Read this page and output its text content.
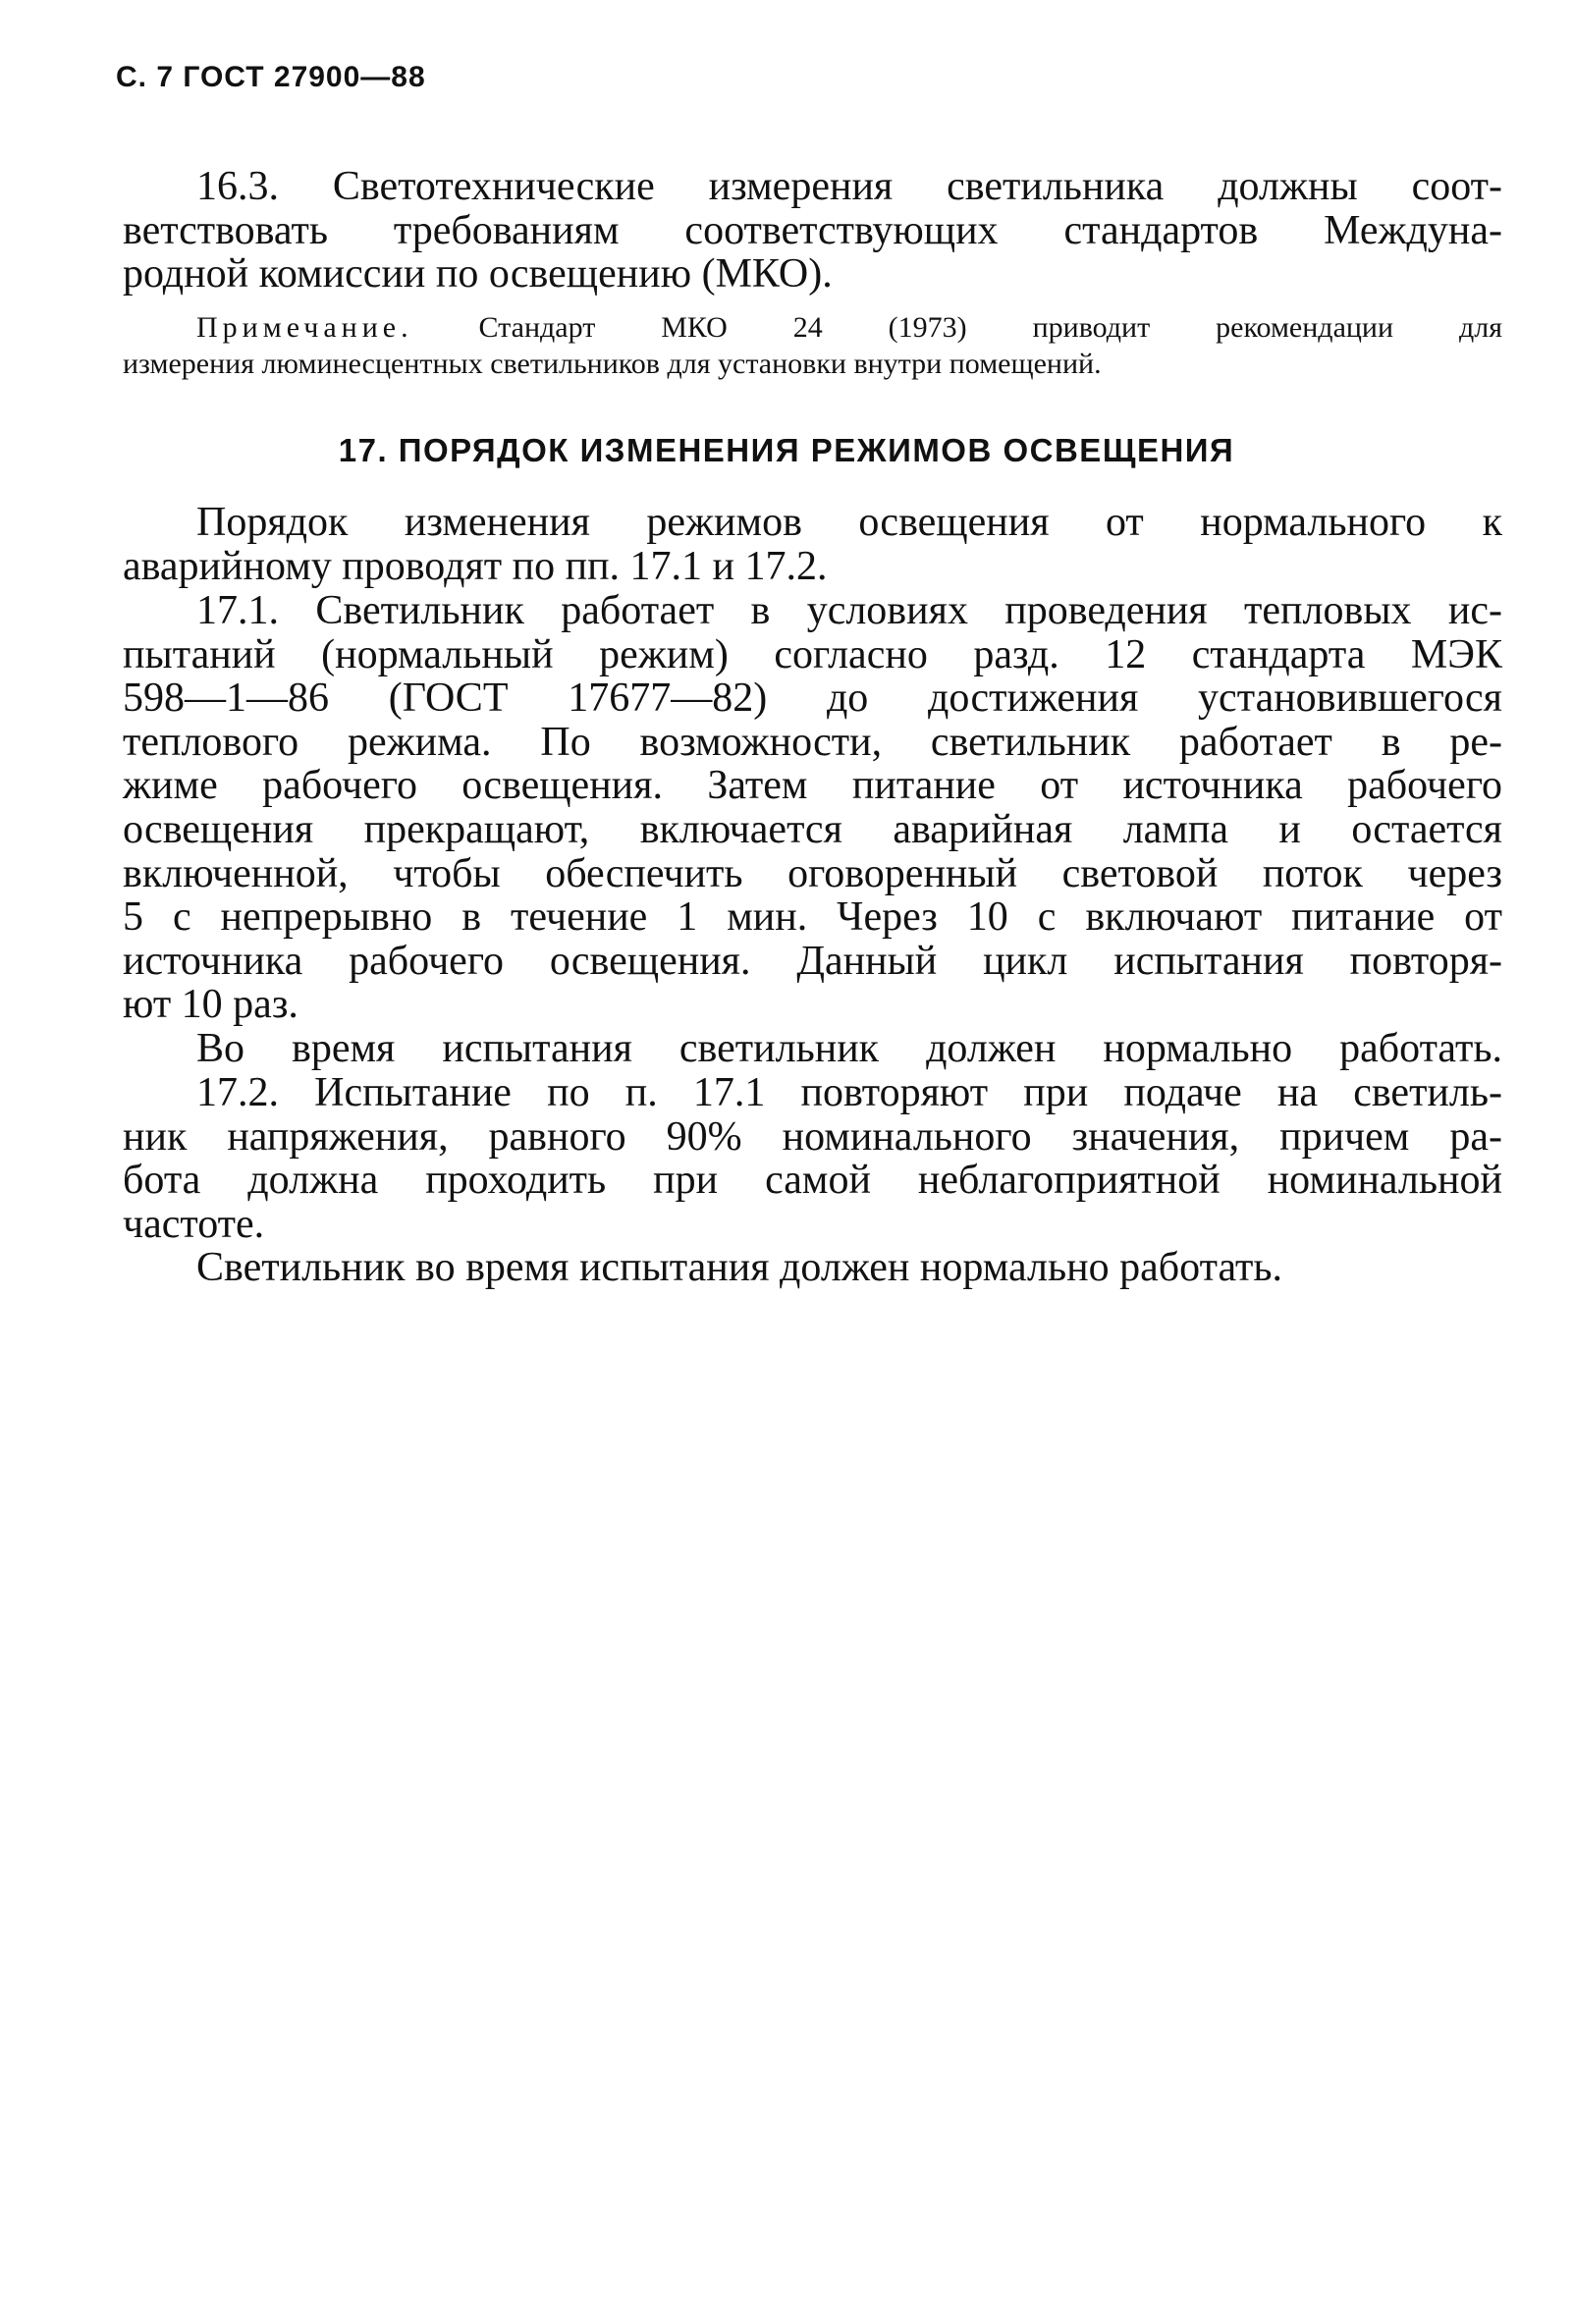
С. 7 ГОСТ 27900—88
16.3. Светотехнические измерения светильника должны соот-
ветствовать требованиям соответствующих стандартов Междуна-
родной комиссии по освещению (МКО).
Примечание. Стандарт МКО 24 (1973) приводит рекомендации для
измерения люминесцентных светильников для установки внутри помещений.
17. ПОРЯДОК ИЗМЕНЕНИЯ РЕЖИМОВ ОСВЕЩЕНИЯ
Порядок изменения режимов освещения от нормального к
аварийному проводят по пп. 17.1 и 17.2.
17.1. Светильник работает в условиях проведения тепловых ис-
пытаний (нормальный режим) согласно разд. 12 стандарта МЭК
598—1—86 (ГОСТ 17677—82) до достижения установившегося
теплового режима. По возможности, светильник работает в ре-
жиме рабочего освещения. Затем питание от источника рабочего
освещения прекращают, включается аварийная лампа и остается
включенной, чтобы обеспечить оговоренный световой поток через
5 с непрерывно в течение 1 мин. Через 10 с включают питание от
источника рабочего освещения. Данный цикл испытания повторя-
ют 10 раз.
Во время испытания светильник должен нормально работать.
17.2. Испытание по п. 17.1 повторяют при подаче на светиль-
ник напряжения, равного 90% номинального значения, причем ра-
бота должна проходить при самой неблагоприятной номинальной
частоте.
Светильник во время испытания должен нормально работать.
